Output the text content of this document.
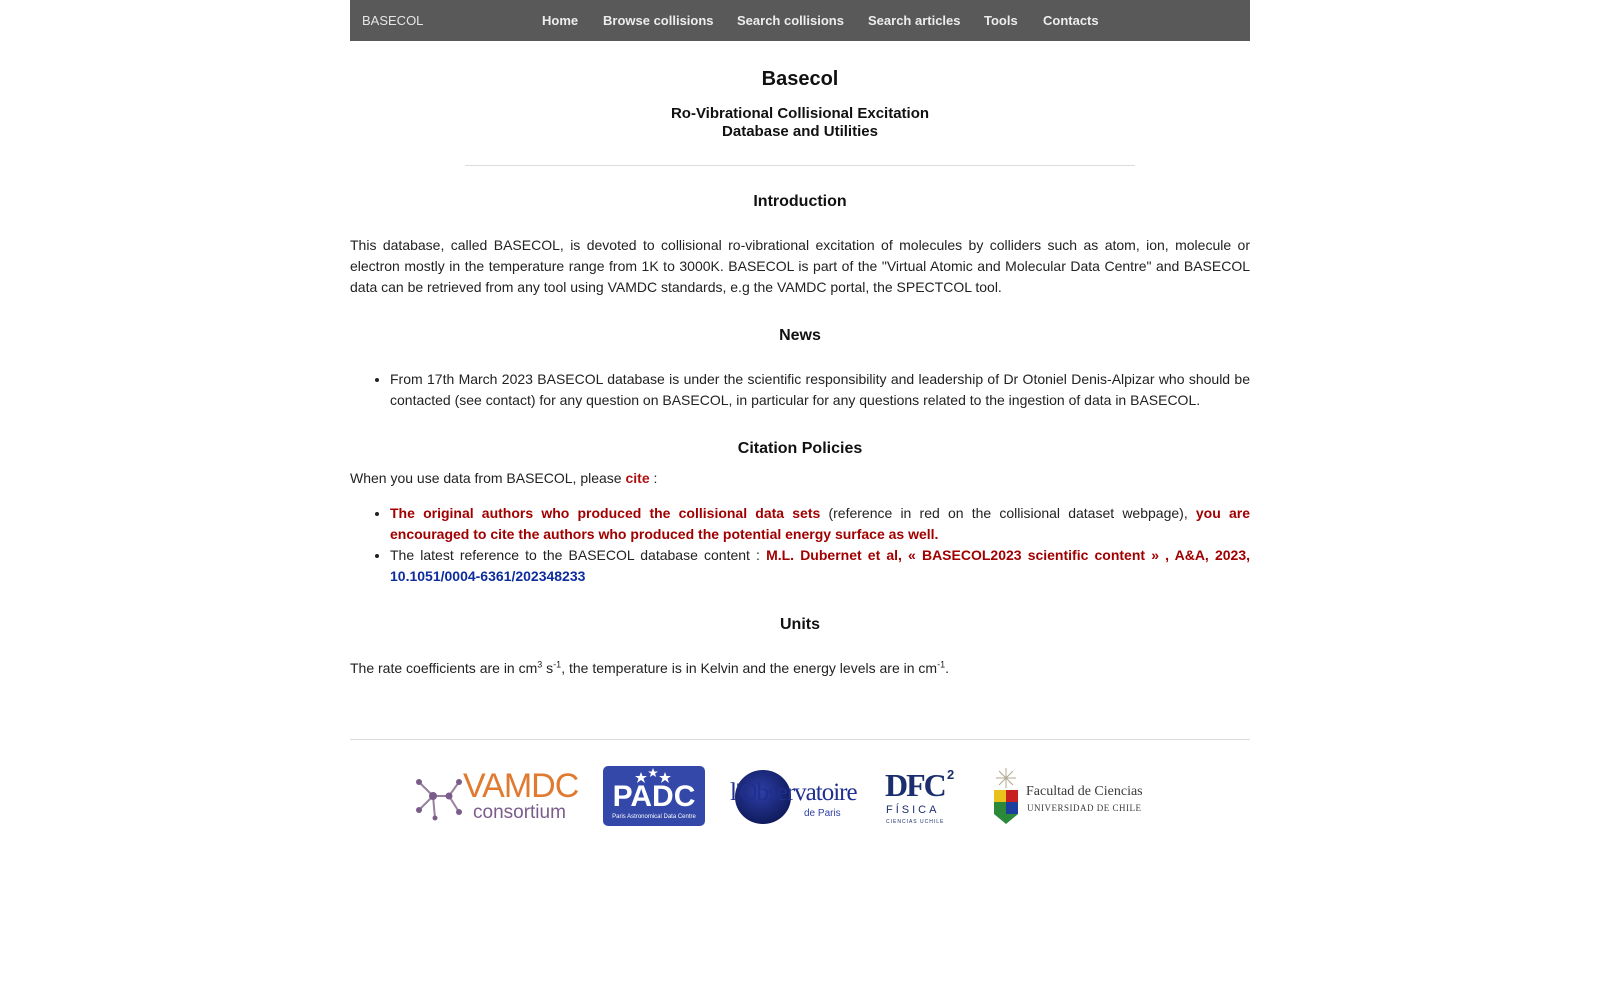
BASECOL	Home Browse collisions Search collisions Search articles Tools Contacts
Basecol
Ro-Vibrational Collisional Excitation
Database and Utilities
Introduction
This database, called BASECOL, is devoted to collisional ro-vibrational excitation of molecules by colliders such as atom, ion, molecule or electron mostly in the temperature range from 1K to 3000K. BASECOL is part of the "Virtual Atomic and Molecular Data Centre" and BASECOL data can be retrieved from any tool using VAMDC standards, e.g the VAMDC portal, the SPECTCOL tool.
News
• From 17th March 2023 BASECOL database is under the scientific responsibility and leadership of Dr Otoniel Denis-Alpizar who should be contacted (see contact) for any question on BASECOL, in particular for any questions related to the ingestion of data in BASECOL.
Citation Policies
When you use data from BASECOL, please cite :
• The original authors who produced the collisional data sets (reference in red on the collisional dataset webpage), you are encouraged to cite the authors who produced the potential energy surface as well.
• The latest reference to the BASECOL database content : M.L. Dubernet et al, « BASECOL2023 scientific content » , A&A, 2023, 10.1051/0004-6361/202348233
Units
The rate coefficients are in $cm^3$ $s^{-1}$, the temperature is in Kelvin and the energy levels are in $cm^{-1}$.
VAMDC
consortium	PADC
Paris Astronomical Data Centre
l'Observatoire
de Paris
DFC 2
FÍSICA
CIENCIAS UCHILE
Facultad de Ciencias
UNIVERSIDAD DE CHILE
